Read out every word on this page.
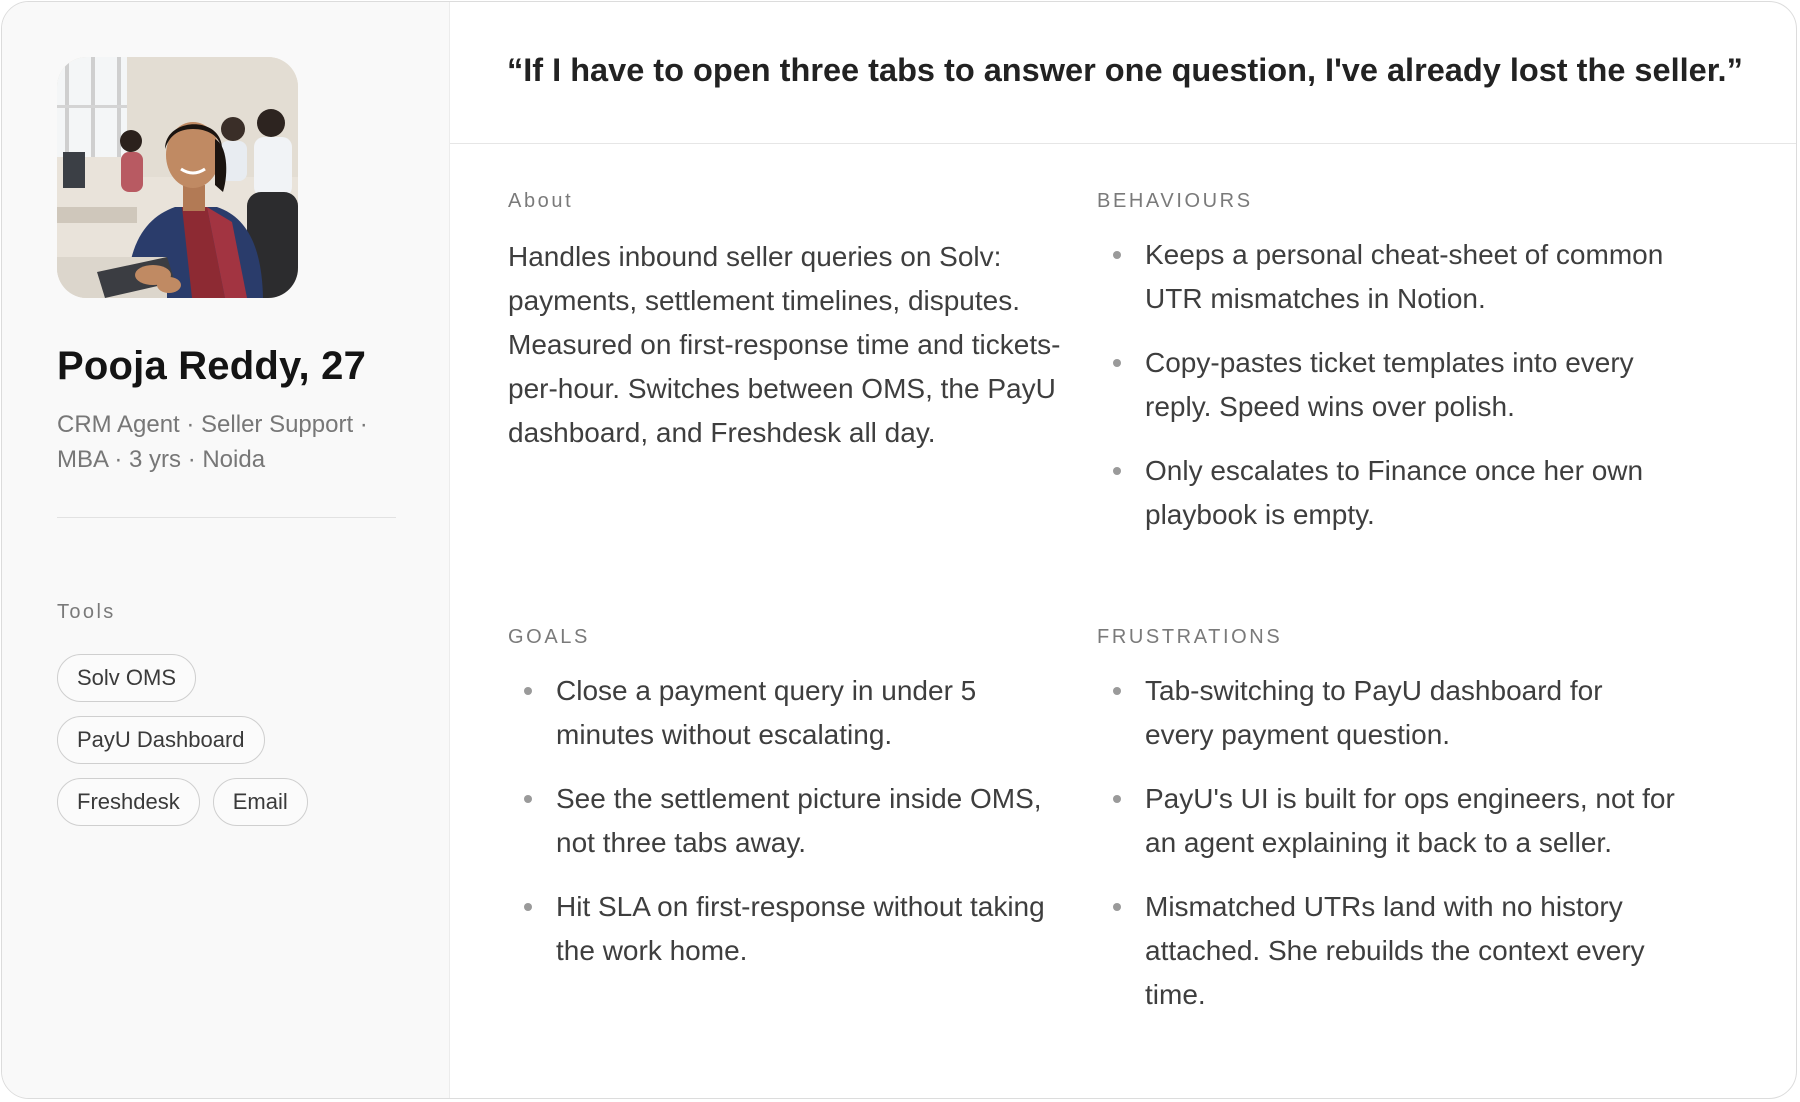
Pooja Reddy, 27
CRM Agent · Seller Support · MBA · 3 yrs · Noida
Tools
Solv OMS
PayU Dashboard
Freshdesk	Email
“If I have to open three tabs to answer one question, I've already lost the seller.”
About

Handles inbound seller queries on Solv: payments, settlement timelines, disputes. Measured on first-response time and tickets-per-hour. Switches between OMS, the PayU dashboard, and Freshdesk all day.

BEHAVIOURS
Keeps a personal cheat-sheet of common UTR mismatches in Notion.
Copy-pastes ticket templates into every reply. Speed wins over polish.
Only escalates to Finance once her own playbook is empty.
GOALS
Close a payment query in under 5 minutes without escalating.
See the settlement picture inside OMS, not three tabs away.
Hit SLA on first-response without taking the work home.
FRUSTRATIONS
Tab-switching to PayU dashboard for every payment question.
PayU's UI is built for ops engineers, not for an agent explaining it back to a seller.
Mismatched UTRs land with no history attached. She rebuilds the context every time.
